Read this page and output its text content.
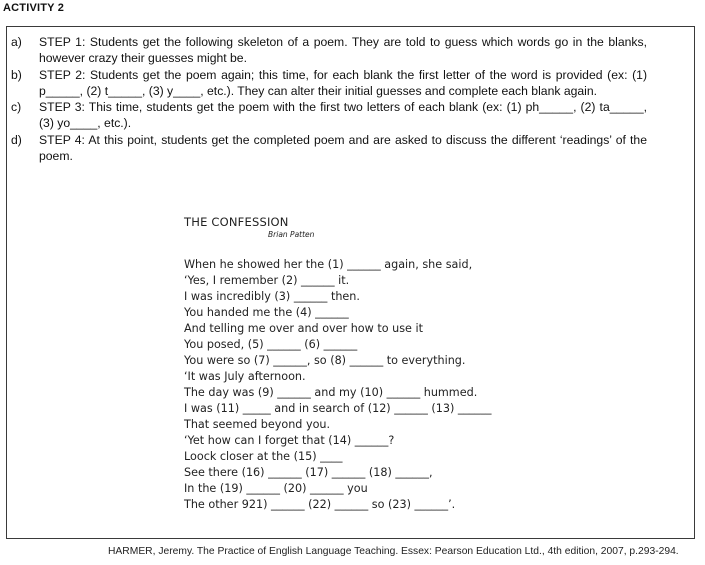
ACTIVITY 2
a) STEP 1: Students get the following skeleton of a poem. They are told to guess which words go in the blanks, however crazy their guesses might be.
b) STEP 2: Students get the poem again; this time, for each blank the first letter of the word is provided (ex: (1) p_____, (2) t_____, (3) y____, etc.). They can alter their initial guesses and complete each blank again.
c) STEP 3: This time, students get the poem with the first two letters of each blank (ex: (1) ph_____, (2) ta_____, (3) yo____, etc.).
d) STEP 4: At this point, students get the completed poem and are asked to discuss the different ‘readings’ of the poem.
THE CONFESSION
Brian Patten
When he showed her the (1) ______ again, she said,
‘Yes, I remember (2) ______ it.
I was incredibly (3) ______ then.
You handed me the (4) ______
And telling me over and over how to use it
You posed, (5) ______ (6) ______
You were so (7) ______, so (8) ______ to everything.
‘It was July afternoon.
The day was (9) ______ and my (10) ______ hummed.
I was (11) _____ and in search of (12) ______ (13) ______
That seemed beyond you.
‘Yet how can I forget that (14) ______?
Loock closer at the (15) ____
See there (16) ______ (17) ______ (18) ______,
In the (19) ______ (20) ______ you
The other 921) ______ (22) ______ so (23) ______’.
HARMER, Jeremy. The Practice of English Language Teaching. Essex: Pearson Education Ltd., 4th edition, 2007, p.293-294.
